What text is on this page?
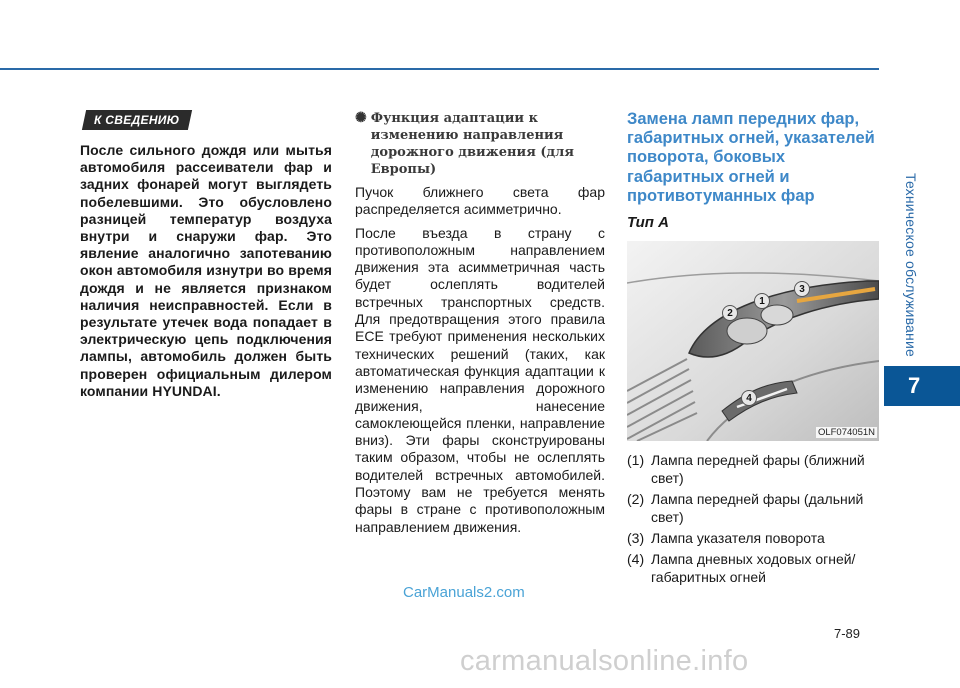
Техническое обслуживание
7
К СВЕДЕНИЮ

После сильного дождя или мытья автомобиля рассеиватели фар и задних фонарей могут выглядеть побелевшими. Это обусловлено разницей температур воздуха внутри и снаружи фар. Это явление аналогично запотеванию окон автомобиля изнутри во время дождя и не является признаком наличия неисправностей. Если в результате утечек вода попадает в электрическую цепь подключения лампы, автомобиль должен быть проверен официальным дилером компании HYUNDAI.

✺ Функция адаптации к изменению направления дорожного движения (для Европы)

Пучок ближнего света фар распределяется асимметрично.

После въезда в страну с противоположным направлением движения эта асимметричная часть будет ослеплять водителей встречных транспортных средств. Для предотвращения этого правила ECE требуют применения нескольких технических решений (таких, как автоматическая функция адаптации к изменению направления дорожного движения, нанесение самоклеющейся пленки, направление вниз). Эти фары сконструированы таким образом, чтобы не ослеплять водителей встречных автомобилей. Поэтому вам не требуется менять фары в стране с противоположным направлением движения.

Замена ламп передних фар, габаритных огней, указателей поворота, боковых габаритных огней и противотуманных фар
Тип A
2
1
3
4
OLF074051N
(1) Лампа передней фары (ближний свет)
(2) Лампа передней фары (дальний свет)
(3) Лампа указателя поворота
(4) Лампа дневных ходовых огней/габаритных огней
CarManuals2.com
7-89
carmanualsonline.info
